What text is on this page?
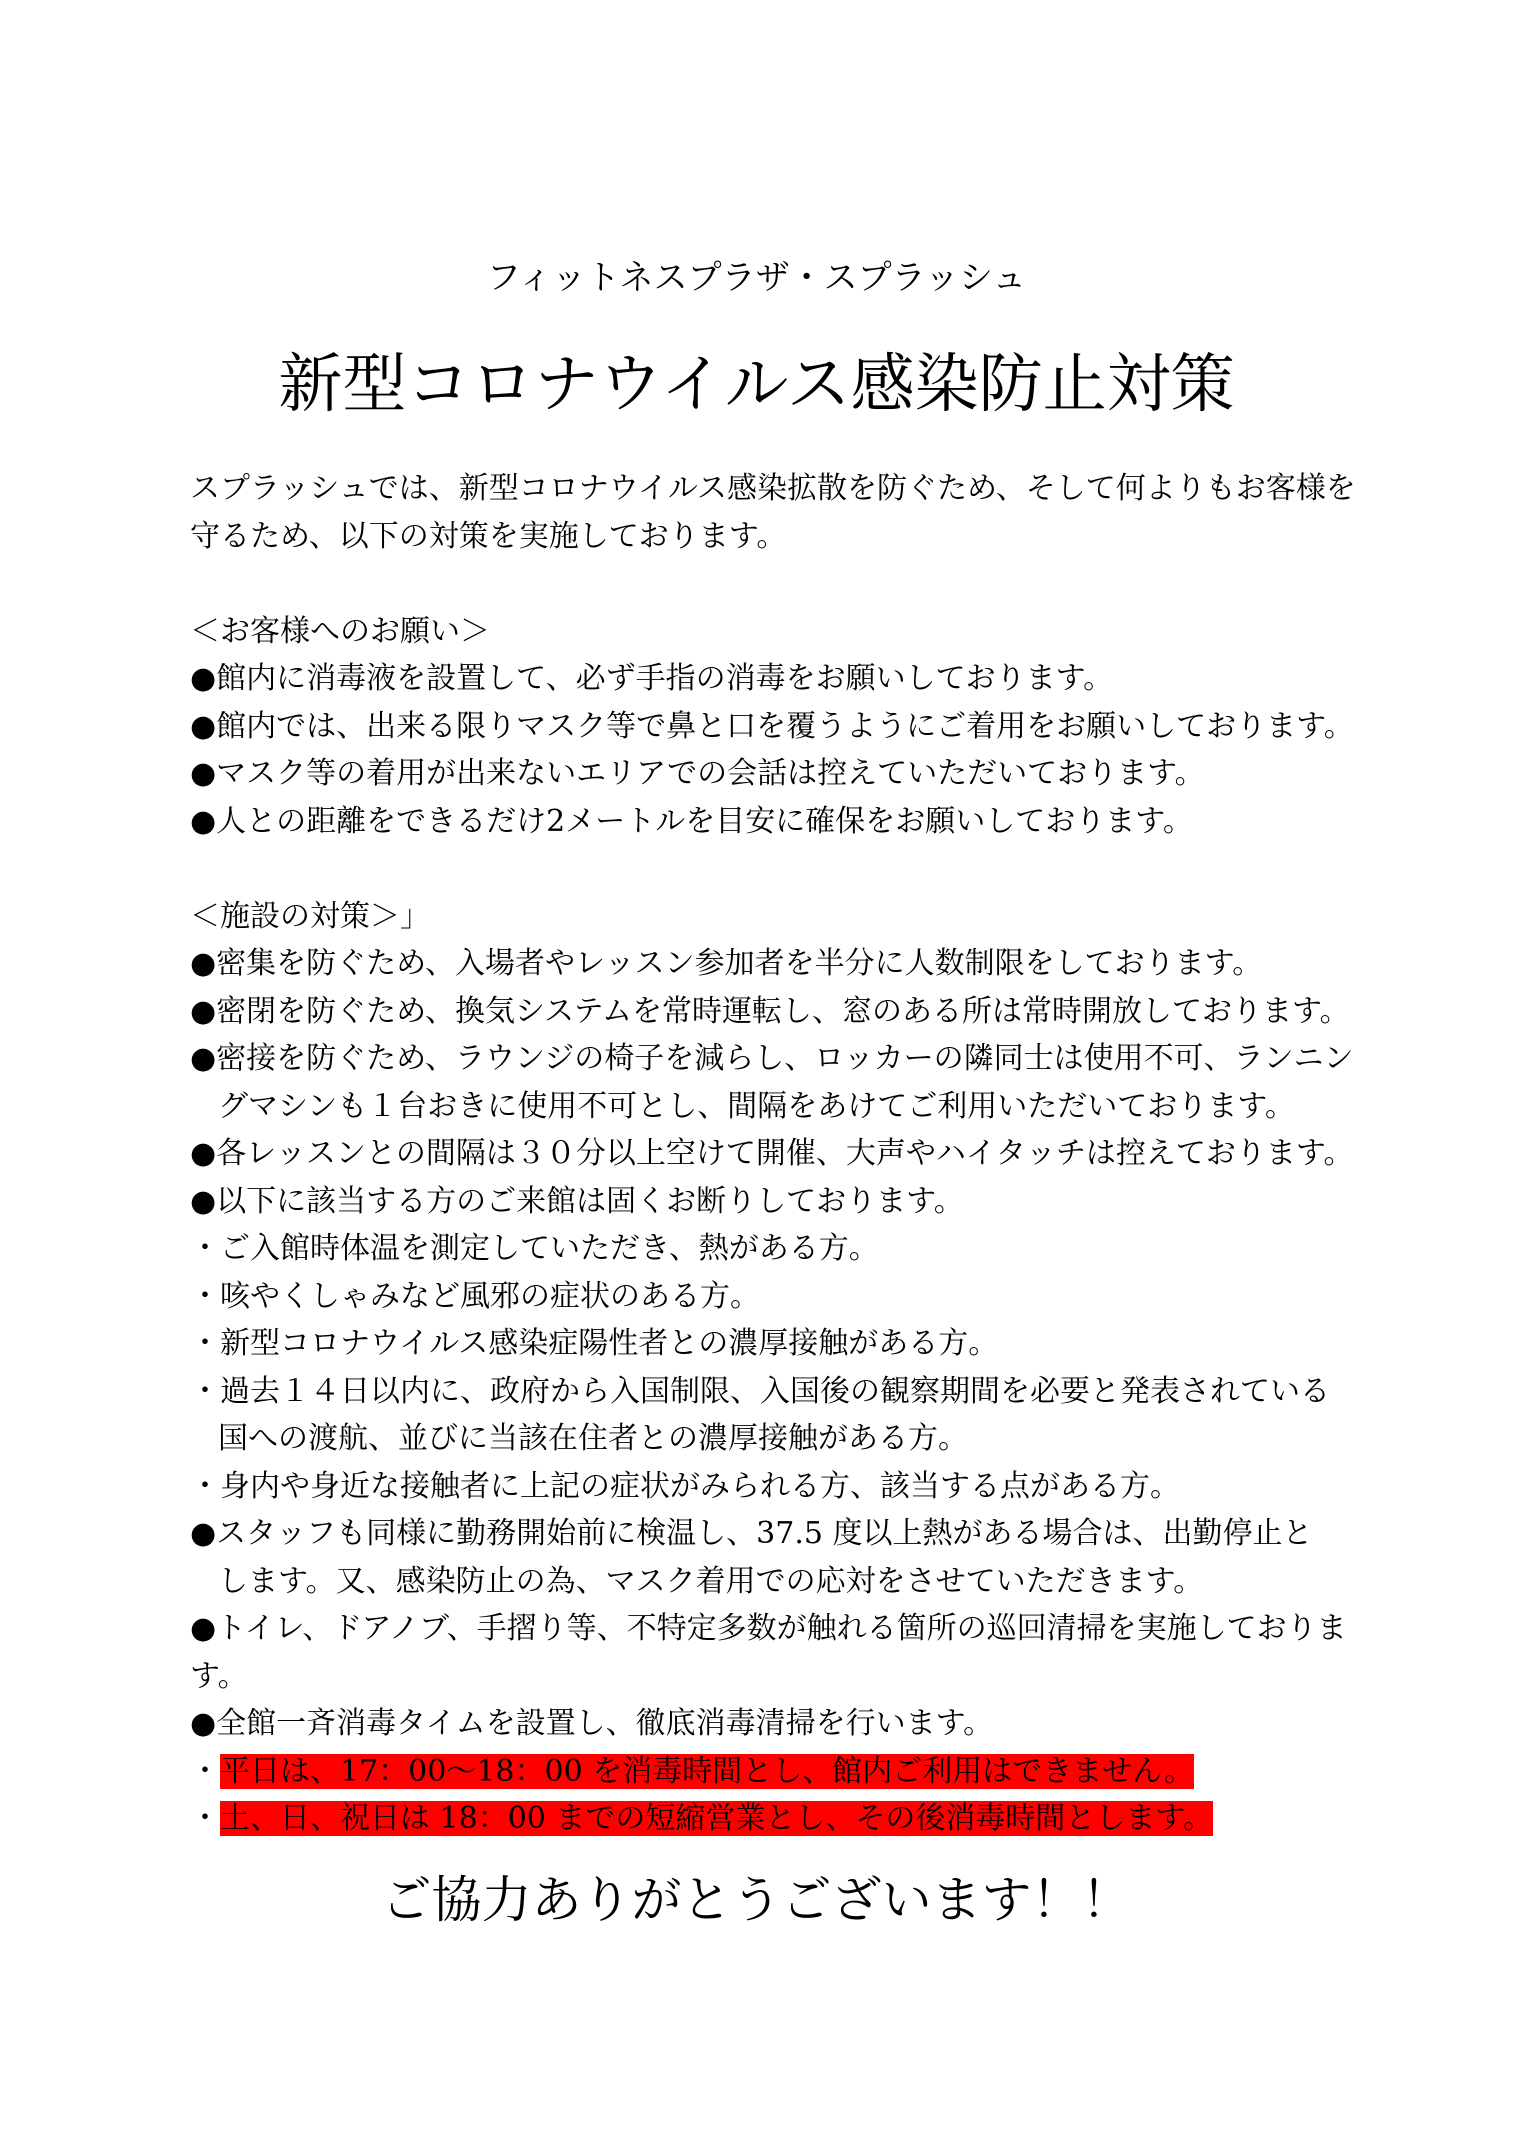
フィットネスプラザ・スプラッシュ
新型コロナウイルス感染防止対策
スプラッシュでは、新型コロナウイルス感染拡散を防ぐため、そして何よりもお客様を
守るため、以下の対策を実施しております。
＜お客様へのお願い＞
●館内に消毒液を設置して、必ず手指の消毒をお願いしております。
●館内では、出来る限りマスク等で鼻と口を覆うようにご着用をお願いしております。
●マスク等の着用が出来ないエリアでの会話は控えていただいております。
●人との距離をできるだけ2メートルを目安に確保をお願いしております。
＜施設の対策＞」
●密集を防ぐため、入場者やレッスン参加者を半分に人数制限をしております。
●密閉を防ぐため、換気システムを常時運転し、窓のある所は常時開放しております。
●密接を防ぐため、ラウンジの椅子を減らし、ロッカーの隣同士は使用不可、ランニン
グマシンも１台おきに使用不可とし、間隔をあけてご利用いただいております。
●各レッスンとの間隔は３０分以上空けて開催、大声やハイタッチは控えております。
●以下に該当する方のご来館は固くお断りしております。
・ご入館時体温を測定していただき、熱がある方。
・咳やくしゃみなど風邪の症状のある方。
・新型コロナウイルス感染症陽性者との濃厚接触がある方。
・過去１４日以内に、政府から入国制限、入国後の観察期間を必要と発表されている
国への渡航、並びに当該在住者との濃厚接触がある方。
・身内や身近な接触者に上記の症状がみられる方、該当する点がある方。
●スタッフも同様に勤務開始前に検温し、37.5 度以上熱がある場合は、出勤停止と
します。又、感染防止の為、マスク着用での応対をさせていただきます。
●トイレ、ドアノブ、手摺り等、不特定多数が触れる箇所の巡回清掃を実施しておりま
す。
●全館一斉消毒タイムを設置し、徹底消毒清掃を行います。
・平日は、17：00～18：00 を消毒時間とし、館内ご利用はできません。
・土、日、祝日は 18：00 までの短縮営業とし、その後消毒時間とします。
ご協力ありがとうございます！！
